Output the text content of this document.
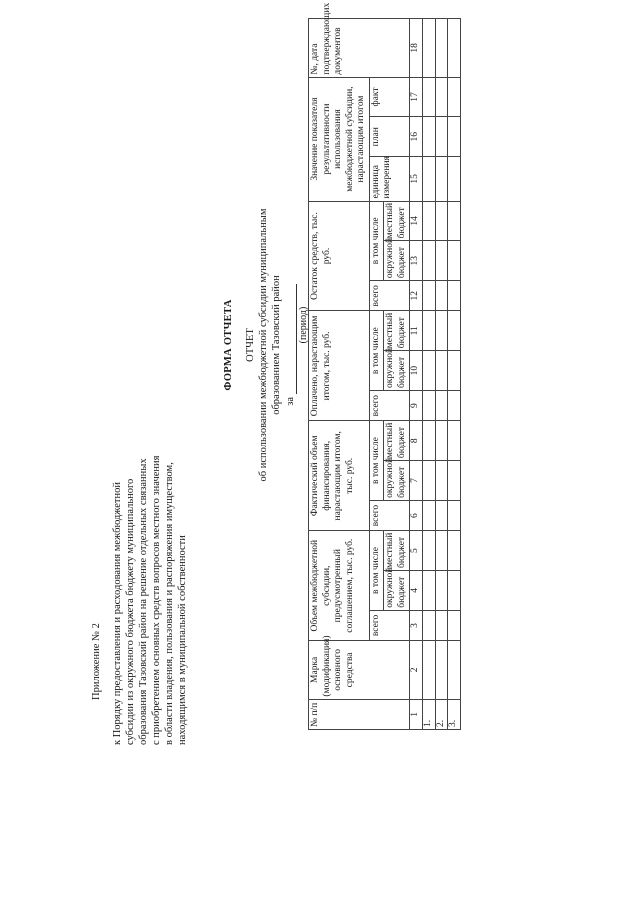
Приложение № 2 к Порядку предоставления и расходования межбюджетной субсидии из окружного бюджета бюджету муниципального образования Тазовский район на решение отдельных связанных с приобретением основных средств вопросов местного значения в области владения, пользования и распоряжения имуществом, находящимся в муниципальной собственности
ФОРМА ОТЧЕТА ОТЧЕТ об использовании межбюджетной субсидии муниципальным образованием Тазовский район за
(период)
№ п/п	Марка (модификация) основного средства	Объем межбюджетной субсидии, предусмотренный соглашением, тыс. руб.			Фактический объем финансирования, нарастающим итогом, тыс. руб.			Оплачено, нарастающим итогом, тыс. руб.			Остаток средств, тыс. руб.			Значение показателя результативности использования межбюджетной субсидии, нарастающим итогом			№, дата подтверждающих документов
		всего	в том числе		всего	в том числе		всего	в том числе		всего	в том числе		единица измерения	план	факт	
			окружной бюджет	местный бюджет		окружной бюджет	местный бюджет		окружной бюджет	местный бюджет		окружной бюджет	местный бюджет				
1	2	3	4	5	6	7	8	9	10	11	12	13	14	15	16	17	18
1.																	
2.																	
3.																	
